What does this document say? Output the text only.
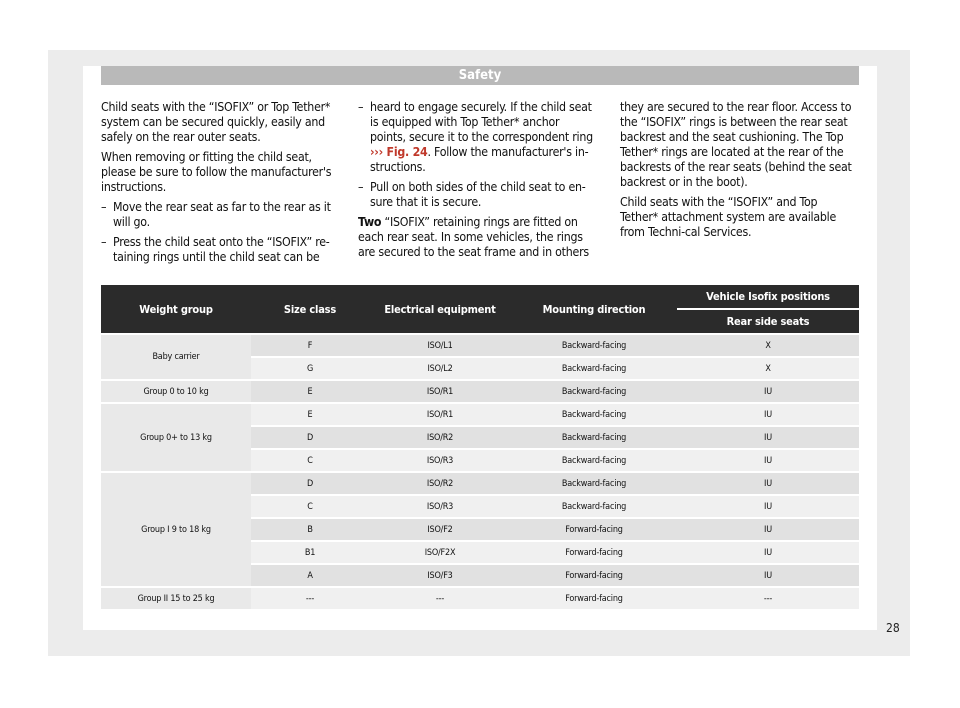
Safety

Child seats with the “ISOFIX” or Top Tether* system can be secured quickly, easily and safely on the rear outer seats.

When removing or fitting the child seat, please be sure to follow the manufacturer's instructions.

– Move the rear seat as far to the rear as it will go.
– Press the child seat onto the “ISOFIX” re-taining rings until the child seat can be

– heard to engage securely. If the child seat is equipped with Top Tether* anchor points, secure it to the correspondent ring ››› Fig. 24. Follow the manufacturer's in-structions.

– Pull on both sides of the child seat to en-sure that it is secure.

Two “ISOFIX” retaining rings are fitted on each rear seat. In some vehicles, the rings are secured to the seat frame and in others

they are secured to the rear floor. Access to the “ISOFIX” rings is between the rear seat backrest and the seat cushioning. The Top Tether* rings are located at the rear of the backrests of the rear seats (behind the seat backrest or in the boot).

Child seats with the “ISOFIX” and Top Tether* attachment system are available from Techni-cal Services.

Weight group	Size class	Electrical equipment	Mounting direction	Vehicle Isofix positions
				Rear side seats
Baby carrier	F	ISO/L1	Backward-facing	X
	G	ISO/L2	Backward-facing	X
Group 0 to 10 kg	E	ISO/R1	Backward-facing	IU
Group 0+ to 13 kg	E	ISO/R1	Backward-facing	IU
	D	ISO/R2	Backward-facing	IU
	C	ISO/R3	Backward-facing	IU
Group I 9 to 18 kg	D	ISO/R2	Backward-facing	IU
	C	ISO/R3	Backward-facing	IU
	B	ISO/F2	Forward-facing	IU
	B1	ISO/F2X	Forward-facing	IU
	A	ISO/F3	Forward-facing	IU
Group II 15 to 25 kg	---	---	Forward-facing	---
28
